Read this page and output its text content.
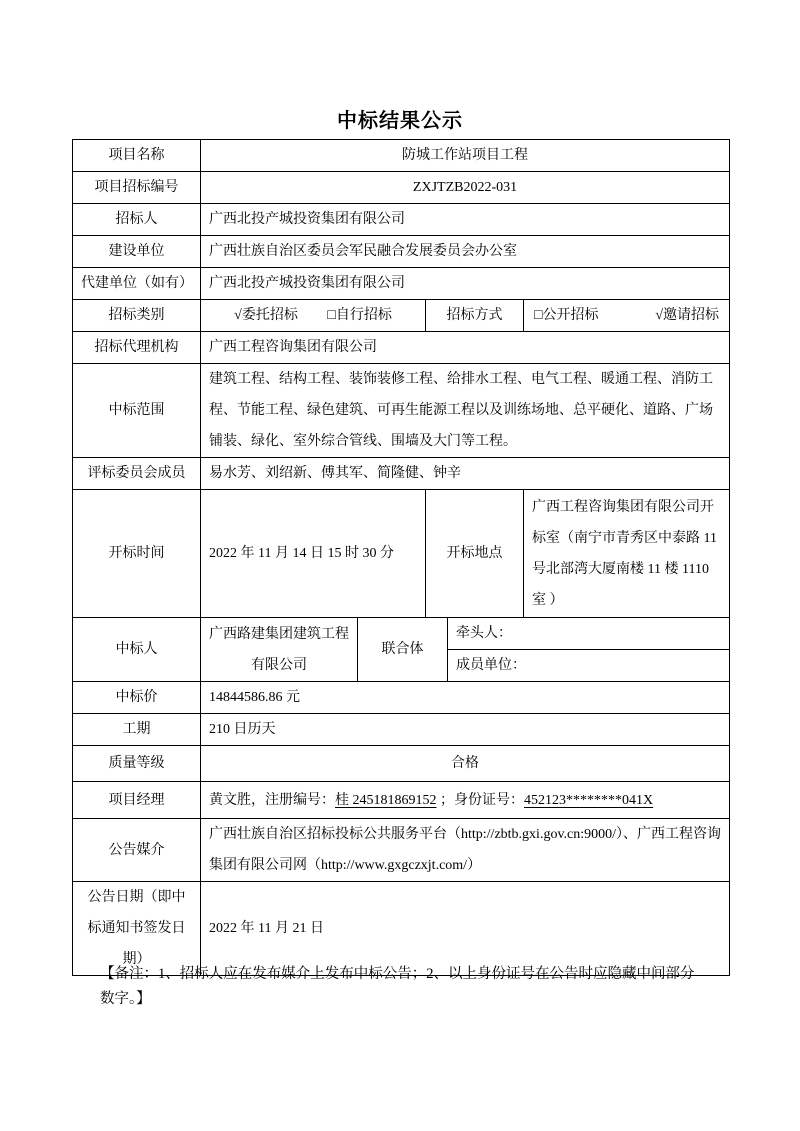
中标结果公示
项目名称	防城工作站项目工程				
项目招标编号	ZXJTZB2022-031				
招标人	广西北投产城投资集团有限公司				
建设单位	广西壮族自治区委员会军民融合发展委员会办公室				
代建单位（如有）	广西北投产城投资集团有限公司				
招标类别	√委托招标 □自行招标		招标方式		□公开招标 √邀请招标

招标代理机构	广西工程咨询集团有限公司				
中标范围	建筑工程、结构工程、装饰装修工程、给排水工程、电气工程、暖通工程、消防工程、节能工程、绿色建筑、可再生能源工程以及训练场地、总平硬化、道路、广场铺装、绿化、室外综合管线、围墙及大门等工程。				
评标委员会成员	易水芳、刘绍新、傅其军、简隆健、钟辛				
开标时间	2022 年 11 月 14 日 15 时 30 分		开标地点		广西工程咨询集团有限公司开标室（南宁市青秀区中泰路 11 号北部湾大厦南楼 11 楼 1110 室 ）
中标人	广西路建集团建筑工程有限公司	联合体		牵头人：	
				成员单位：	
中标价	14844586.86 元				
工期	210 日历天				
质量等级	合格				
项目经理	黄文胜，注册编号：桂 245181869152 ；身份证号：452123********041X				
公告媒介	广西壮族自治区招标投标公共服务平台（http://zbtb.gxi.gov.cn:9000/）、广西工程咨询集团有限公司网（http://www.gxgczxjt.com/）				
公告日期（即中标通知书签发日期）	2022 年 11 月 21 日				
【备注：1、招标人应在发布媒介上发布中标公告；2、以上身份证号在公告时应隐藏中间部分数字。】
